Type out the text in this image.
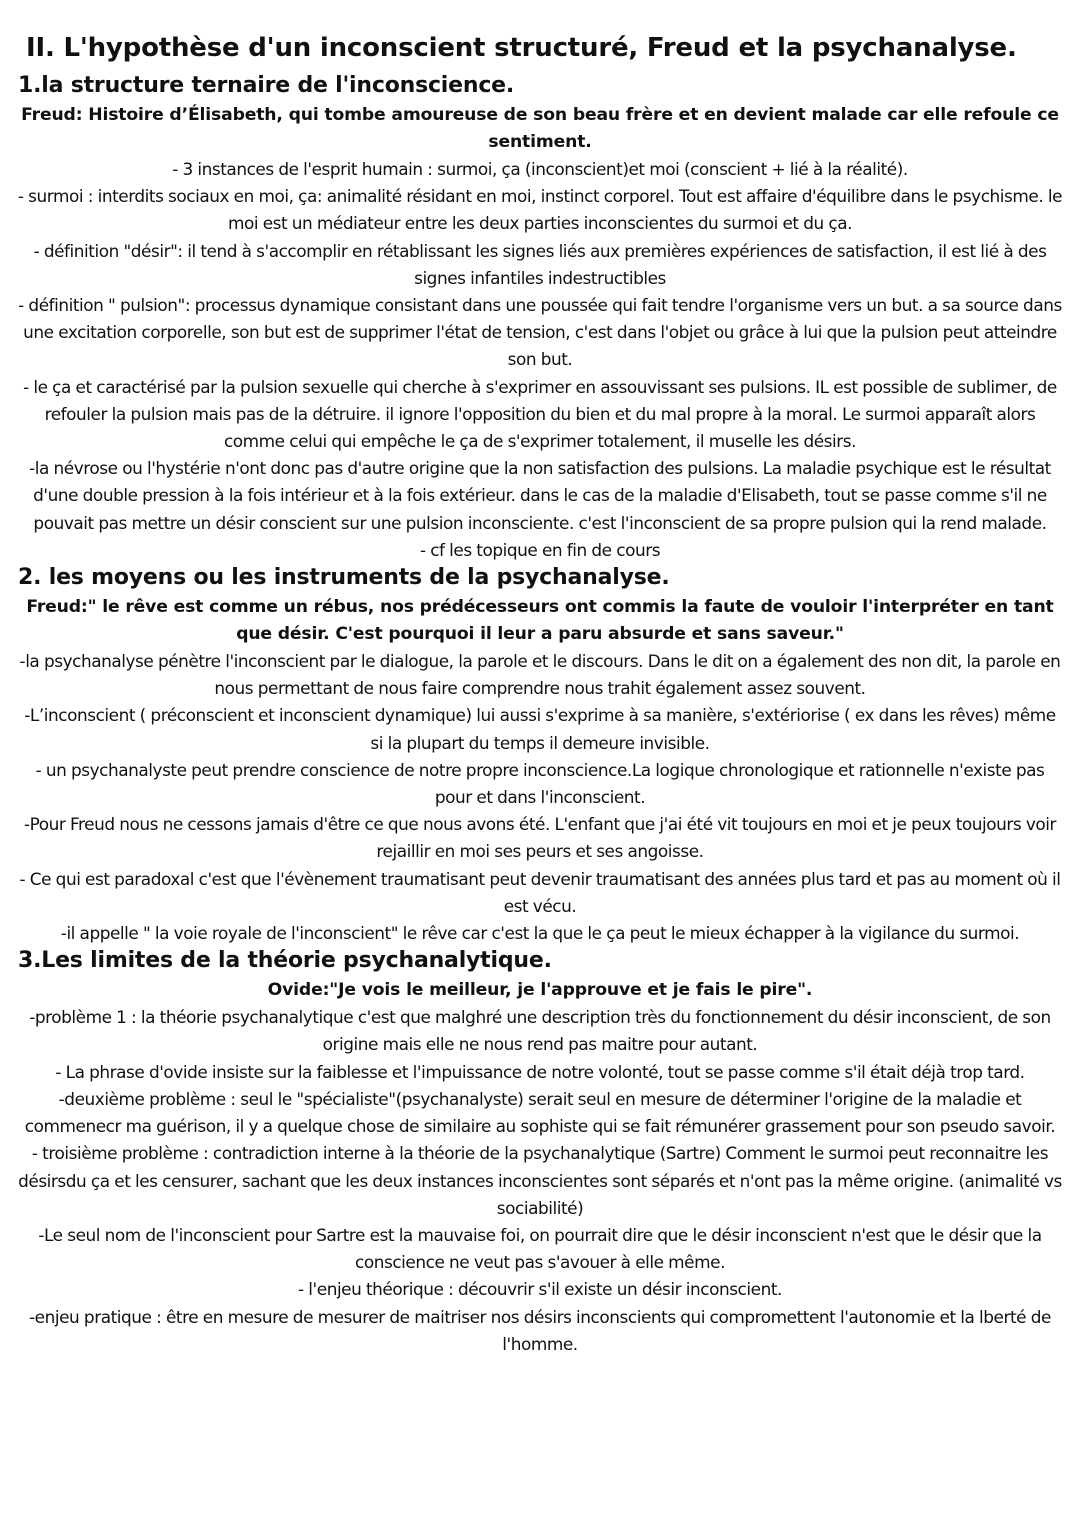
II. L'hypothèse d'un inconscient structuré, Freud et la psychanalyse.
1.la structure ternaire de l'inconscience.

Freud: Histoire d’Élisabeth, qui tombe amoureuse de son beau frère et en devient malade car elle refoule ce sentiment.

- 3 instances de l'esprit humain : surmoi, ça (inconscient)et moi (conscient + lié à la réalité).

- surmoi : interdits sociaux en moi, ça: animalité résidant en moi, instinct corporel. Tout est affaire d'équilibre dans le psychisme. le moi est un médiateur entre les deux parties inconscientes du surmoi et du ça.

- définition "désir": il tend à s'accomplir en rétablissant les signes liés aux premières expériences de satisfaction, il est lié à des signes infantiles indestructibles

- définition " pulsion": processus dynamique consistant dans une poussée qui fait tendre l'organisme vers un but. a sa source dans une excitation corporelle, son but est de supprimer l'état de tension, c'est dans l'objet ou grâce à lui que la pulsion peut atteindre son but.

- le ça et caractérisé par la pulsion sexuelle qui cherche à s'exprimer en assouvissant ses pulsions. IL est possible de sublimer, de refouler la pulsion mais pas de la détruire. il ignore l'opposition du bien et du mal propre à la moral. Le surmoi apparaît alors comme celui qui empêche le ça de s'exprimer totalement, il muselle les désirs.

-la névrose ou l'hystérie n'ont donc pas d'autre origine que la non satisfaction des pulsions. La maladie psychique est le résultat d'une double pression à la fois intérieur et à la fois extérieur. dans le cas de la maladie d'Elisabeth, tout se passe comme s'il ne pouvait pas mettre un désir conscient sur une pulsion inconsciente. c'est l'inconscient de sa propre pulsion qui la rend malade.

- cf les topique en fin de cours

2. les moyens ou les instruments de la psychanalyse.

Freud:" le rêve est comme un rébus, nos prédécesseurs ont commis la faute de vouloir l'interpréter en tant que désir. C'est pourquoi il leur a paru absurde et sans saveur."

-la psychanalyse pénètre l'inconscient par le dialogue, la parole et le discours. Dans le dit on a également des non dit, la parole en nous permettant de nous faire comprendre nous trahit également assez souvent.

-L’inconscient ( préconscient et inconscient dynamique) lui aussi s'exprime à sa manière, s'extériorise ( ex dans les rêves) même si la plupart du temps il demeure invisible.

- un psychanalyste peut prendre conscience de notre propre inconscience.La logique chronologique et rationnelle n'existe pas pour et dans l'inconscient.

-Pour Freud nous ne cessons jamais d'être ce que nous avons été. L'enfant que j'ai été vit toujours en moi et je peux toujours voir rejaillir en moi ses peurs et ses angoisse.

- Ce qui est paradoxal c'est que l'évènement traumatisant peut devenir traumatisant des années plus tard et pas au moment où il est vécu.

-il appelle " la voie royale de l'inconscient" le rêve car c'est la que le ça peut le mieux échapper à la vigilance du surmoi.

3.Les limites de la théorie psychanalytique.

Ovide:"Je vois le meilleur, je l'approuve et je fais le pire".

-problème 1 : la théorie psychanalytique c'est que malghré une description très du fonctionnement du désir inconscient, de son origine mais elle ne nous rend pas maitre pour autant.

- La phrase d'ovide insiste sur la faiblesse et l'impuissance de notre volonté, tout se passe comme s'il était déjà trop tard.

-deuxième problème : seul le "spécialiste"(psychanalyste) serait seul en mesure de déterminer l'origine de la maladie et commenecr ma guérison, il y a quelque chose de similaire au sophiste qui se fait rémunérer grassement pour son pseudo savoir.

- troisième problème : contradiction interne à la théorie de la psychanalytique (Sartre) Comment le surmoi peut reconnaitre les désirsdu ça et les censurer, sachant que les deux instances inconscientes sont séparés et n'ont pas la même origine. (animalité vs sociabilité)

-Le seul nom de l'inconscient pour Sartre est la mauvaise foi, on pourrait dire que le désir inconscient n'est que le désir que la conscience ne veut pas s'avouer à elle même.

- l'enjeu théorique : découvrir s'il existe un désir inconscient.

-enjeu pratique : être en mesure de mesurer de maitriser nos désirs inconscients qui compromettent l'autonomie et la lberté de l'homme.
